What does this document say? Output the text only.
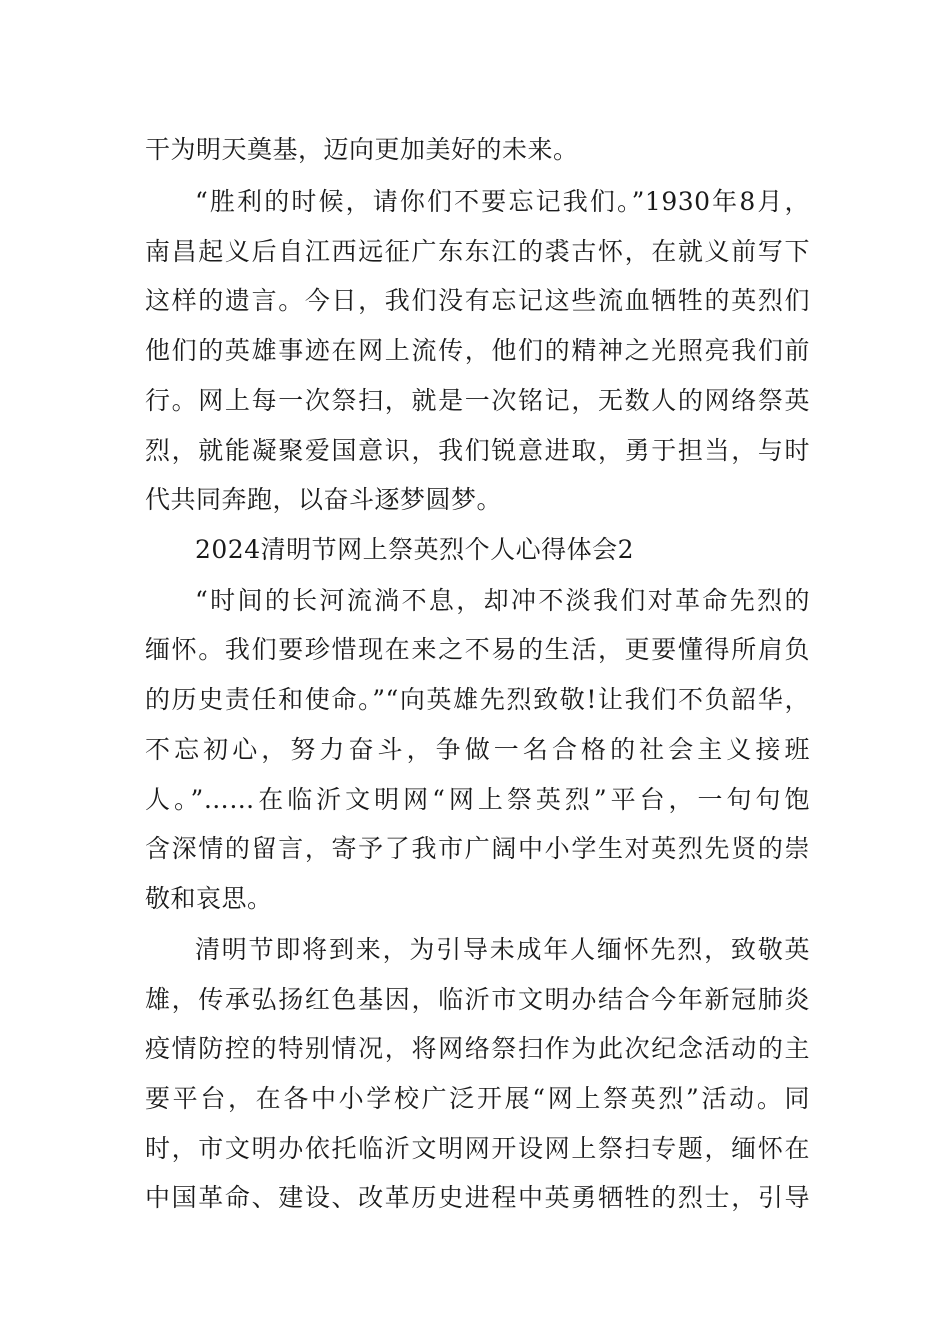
干为明天奠基，迈向更加美好的未来。
“胜利的时候，请你们不要忘记我们。”1930年8月，
南昌起义后自江西远征广东东江的裘古怀，在就义前写下
这样的遗言。今日，我们没有忘记这些流血牺牲的英烈们
他们的英雄事迹在网上流传，他们的精神之光照亮我们前
行。网上每一次祭扫，就是一次铭记，无数人的网络祭英
烈，就能凝聚爱国意识，我们锐意进取，勇于担当，与时
代共同奔跑，以奋斗逐梦圆梦。
2024清明节网上祭英烈个人心得体会2
“时间的长河流淌不息，却冲不淡我们对革命先烈的
缅怀。我们要珍惜现在来之不易的生活，更要懂得所肩负
的历史责任和使命。”“向英雄先烈致敬!让我们不负韶华，
不忘初心，努力奋斗，争做一名合格的社会主义接班
人。”……在临沂文明网“网上祭英烈”平台，一句句饱
含深情的留言，寄予了我市广阔中小学生对英烈先贤的崇
敬和哀思。
清明节即将到来，为引导未成年人缅怀先烈，致敬英
雄，传承弘扬红色基因，临沂市文明办结合今年新冠肺炎
疫情防控的特别情况，将网络祭扫作为此次纪念活动的主
要平台，在各中小学校广泛开展“网上祭英烈”活动。同
时，市文明办依托临沂文明网开设网上祭扫专题，缅怀在
中国革命、建设、改革历史进程中英勇牺牲的烈士，引导
